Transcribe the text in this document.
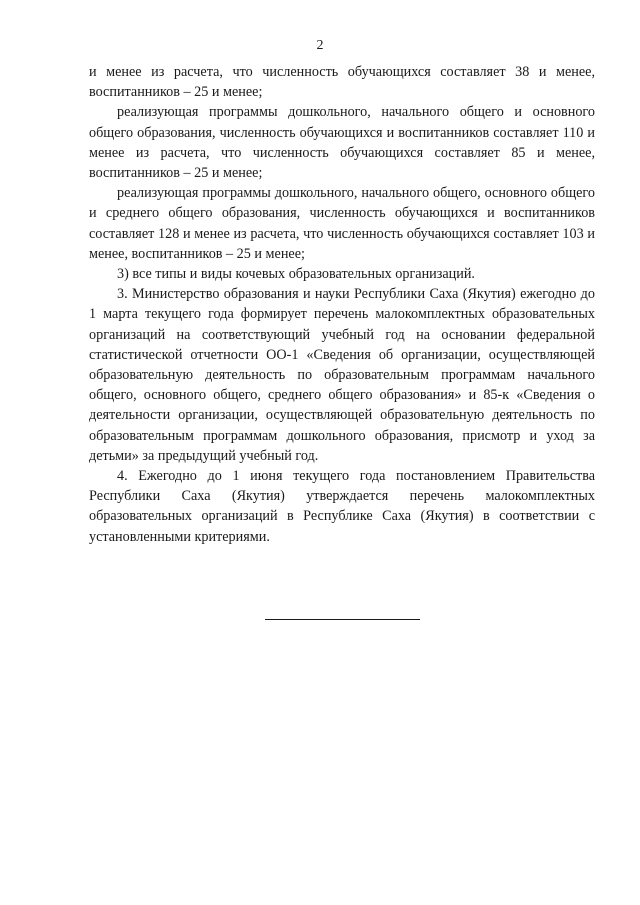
2

и менее из расчета, что численность обучающихся составляет 38 и менее, воспитанников – 25 и менее;

реализующая программы дошкольного, начального общего и основного общего образования, численность обучающихся и воспитанников составляет 110 и менее из расчета, что численность обучающихся составляет 85 и менее, воспитанников – 25 и менее;

реализующая программы дошкольного, начального общего, основного общего и среднего общего образования, численность обучающихся и воспитанников составляет 128 и менее из расчета, что численность обучающихся составляет 103 и менее, воспитанников – 25 и менее;

3) все типы и виды кочевых образовательных организаций.

3. Министерство образования и науки Республики Саха (Якутия) ежегодно до 1 марта текущего года формирует перечень малокомплектных образовательных организаций на соответствующий учебный год на основании федеральной статистической отчетности ОО-1 «Сведения об организации, осуществляющей образовательную деятельность по образовательным программам начального общего, основного общего, среднего общего образования» и 85-к «Сведения о деятельности организации, осуществляющей образовательную деятельность по образовательным программам дошкольного образования, присмотр и уход за детьми» за предыдущий учебный год.

4. Ежегодно до 1 июня текущего года постановлением Правительства Республики Саха (Якутия) утверждается перечень малокомплектных образовательных организаций в Республике Саха (Якутия) в соответствии с установленными критериями.
